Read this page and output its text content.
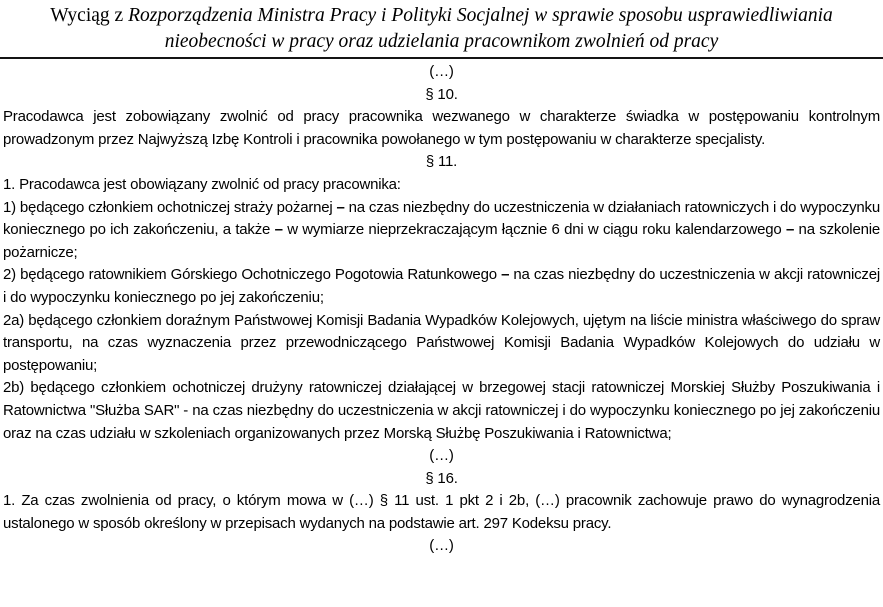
Wyciąg z Rozporządzenia Ministra Pracy i Polityki Socjalnej w sprawie sposobu usprawiedliwiania nieobecności w pracy oraz udzielania pracownikom zwolnień od pracy

(…)

§ 10.

Pracodawca jest zobowiązany zwolnić od pracy pracownika wezwanego w charakterze świadka w postępowaniu kontrolnym prowadzonym przez Najwyższą Izbę Kontroli i pracownika powołanego w tym postępowaniu w charakterze specjalisty.

§ 11.

1. Pracodawca jest obowiązany zwolnić od pracy pracownika:

1) będącego członkiem ochotniczej straży pożarnej – na czas niezbędny do uczestniczenia w działaniach ratowniczych i do wypoczynku koniecznego po ich zakończeniu, a także – w wymiarze nieprzekraczającym łącznie 6 dni w ciągu roku kalendarzowego – na szkolenie pożarnicze;

2) będącego ratownikiem Górskiego Ochotniczego Pogotowia Ratunkowego – na czas niezbędny do uczestniczenia w akcji ratowniczej i do wypoczynku koniecznego po jej zakończeniu;

2a) będącego członkiem doraźnym Państwowej Komisji Badania Wypadków Kolejowych, ujętym na liście ministra właściwego do spraw transportu, na czas wyznaczenia przez przewodniczącego Państwowej Komisji Badania Wypadków Kolejowych do udziału w postępowaniu;

2b) będącego członkiem ochotniczej drużyny ratowniczej działającej w brzegowej stacji ratowniczej Morskiej Służby Poszukiwania i Ratownictwa "Służba SAR" - na czas niezbędny do uczestniczenia w akcji ratowniczej i do wypoczynku koniecznego po jej zakończeniu oraz na czas udziału w szkoleniach organizowanych przez Morską Służbę Poszukiwania i Ratownictwa;

(…)

§ 16.

1. Za czas zwolnienia od pracy, o którym mowa w (…) § 11 ust. 1 pkt 2 i 2b, (…) pracownik zachowuje prawo do wynagrodzenia ustalonego w sposób określony w przepisach wydanych na podstawie art. 297 Kodeksu pracy.

(…)
